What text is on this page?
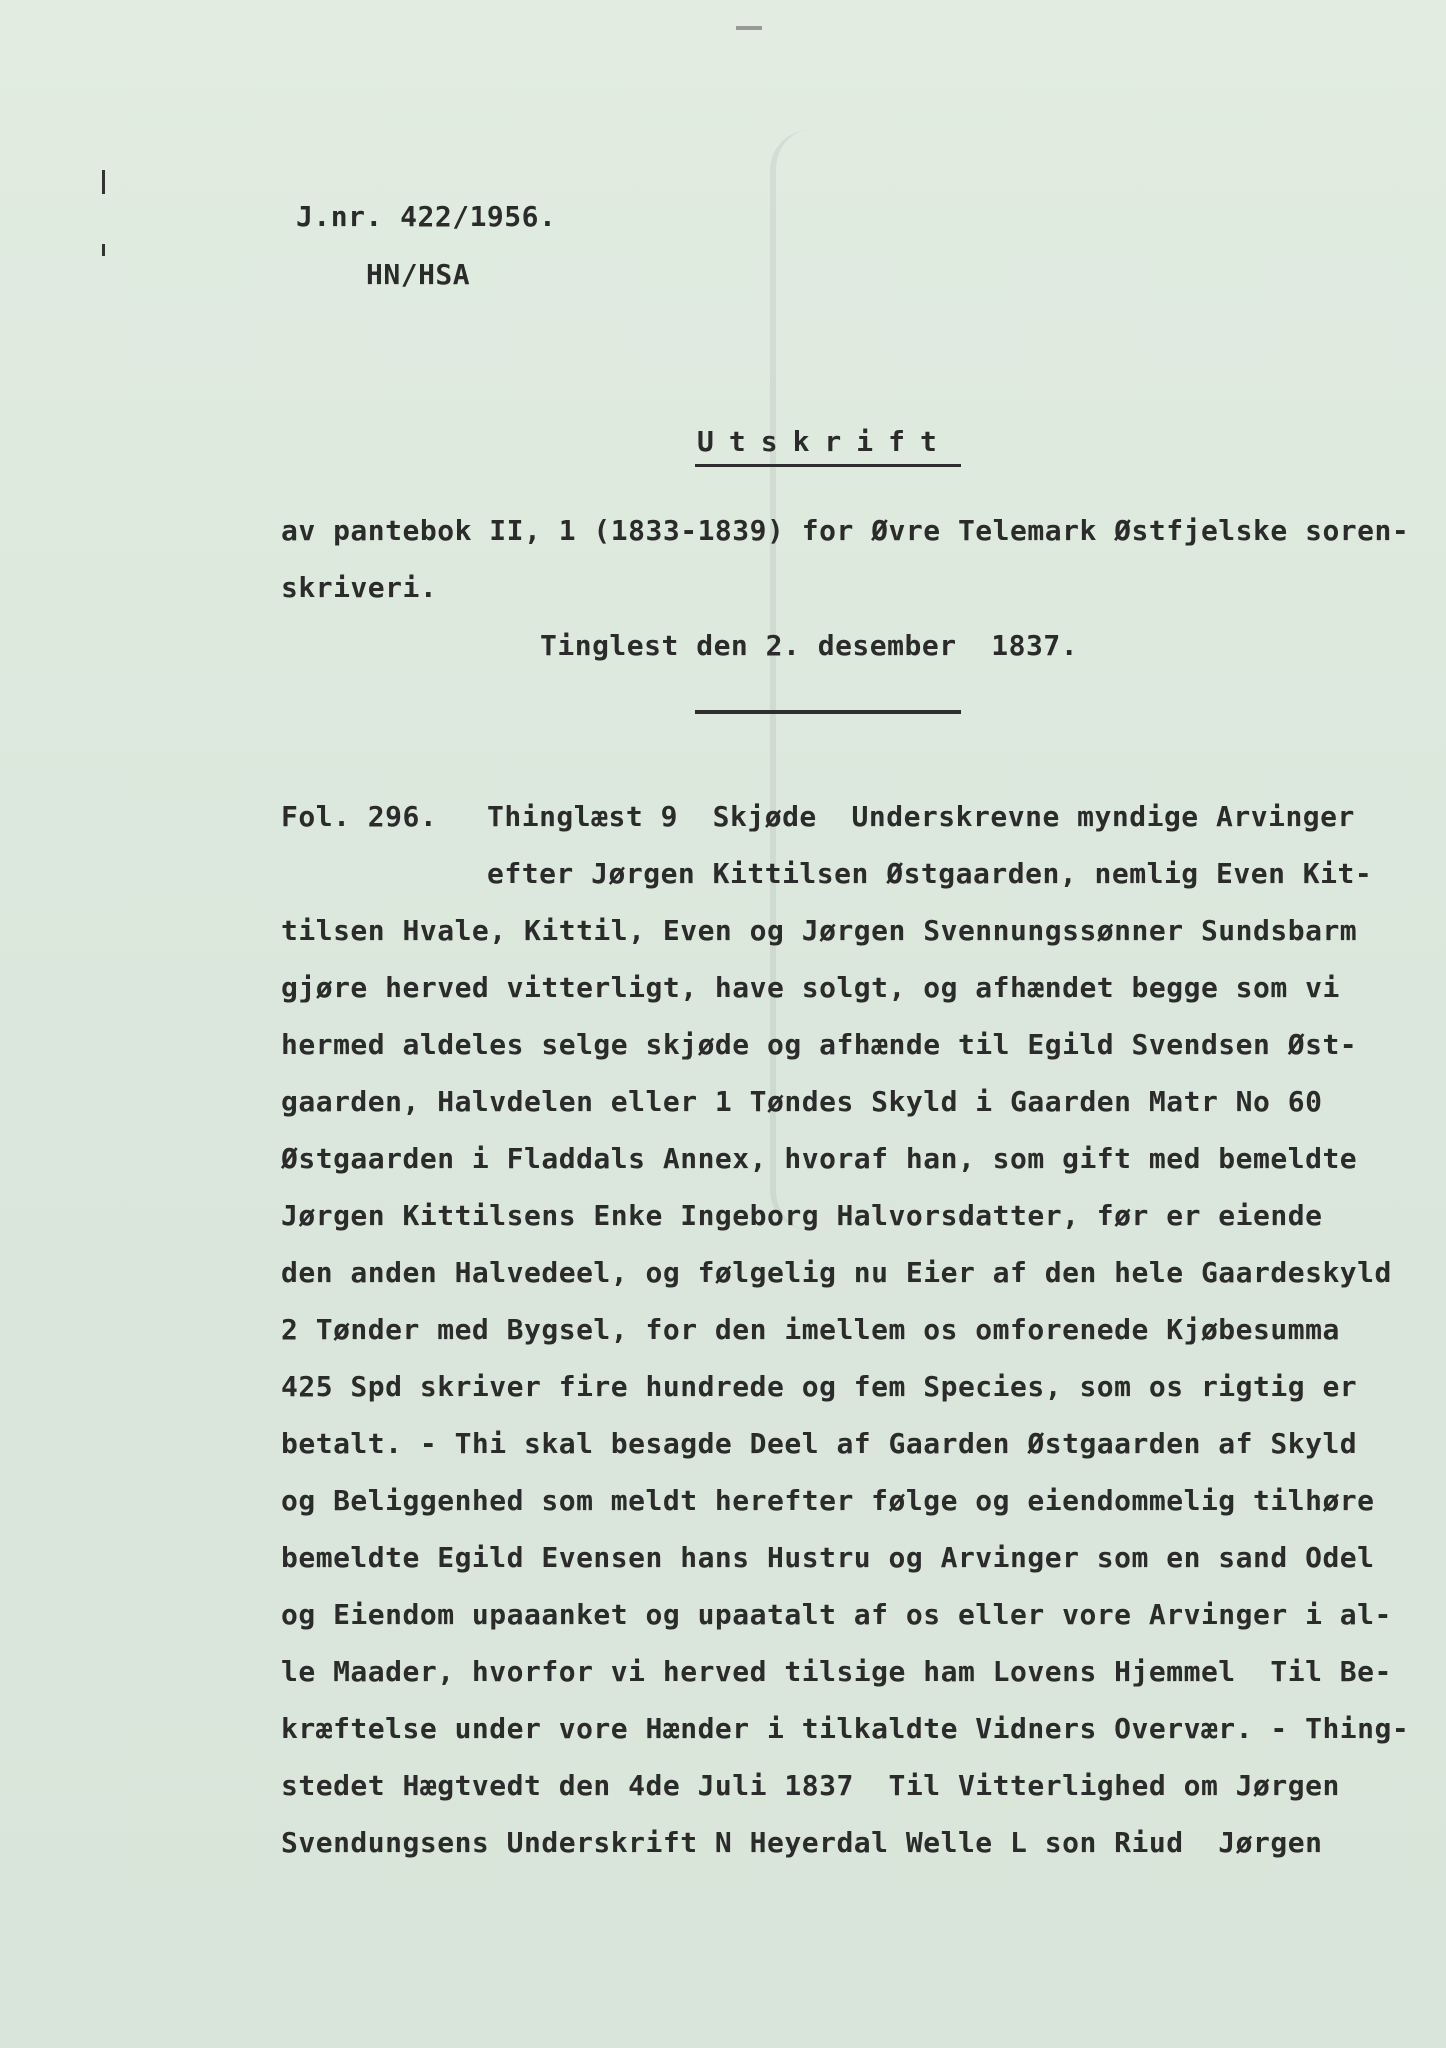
J.nr. 422/1956.
HN/HSA
Utskrift
av pantebok II, 1 (1833-1839) for Øvre Telemark Østfjelske soren-
skriveri.
Tinglest den 2. desember  1837.
Fol. 296. Thinglæst 9  Skjøde  Underskrevne myndige Arvinger
efter Jørgen Kittilsen Østgaarden, nemlig Even Kit-
tilsen Hvale, Kittil, Even og Jørgen Svennungssønner Sundsbarm
gjøre herved vitterligt, have solgt, og afhændet begge som vi
hermed aldeles selge skjøde og afhænde til Egild Svendsen Øst-
gaarden, Halvdelen eller 1 Tøndes Skyld i Gaarden Matr No 60
Østgaarden i Fladdals Annex, hvoraf han, som gift med bemeldte
Jørgen Kittilsens Enke Ingeborg Halvorsdatter, før er eiende
den anden Halvedeel, og følgelig nu Eier af den hele Gaardeskyld
2 Tønder med Bygsel, for den imellem os omforenede Kjøbesumma
425 Spd skriver fire hundrede og fem Species, som os rigtig er
betalt. - Thi skal besagde Deel af Gaarden Østgaarden af Skyld
og Beliggenhed som meldt herefter følge og eiendommelig tilhøre
bemeldte Egild Evensen hans Hustru og Arvinger som en sand Odel
og Eiendom upaaanket og upaatalt af os eller vore Arvinger i al-
le Maader, hvorfor vi herved tilsige ham Lovens Hjemmel  Til Be-
kræftelse under vore Hænder i tilkaldte Vidners Overvær. - Thing-
stedet Hægtvedt den 4de Juli 1837  Til Vitterlighed om Jørgen
Svendungsens Underskrift N Heyerdal Welle L son Riud  Jørgen
